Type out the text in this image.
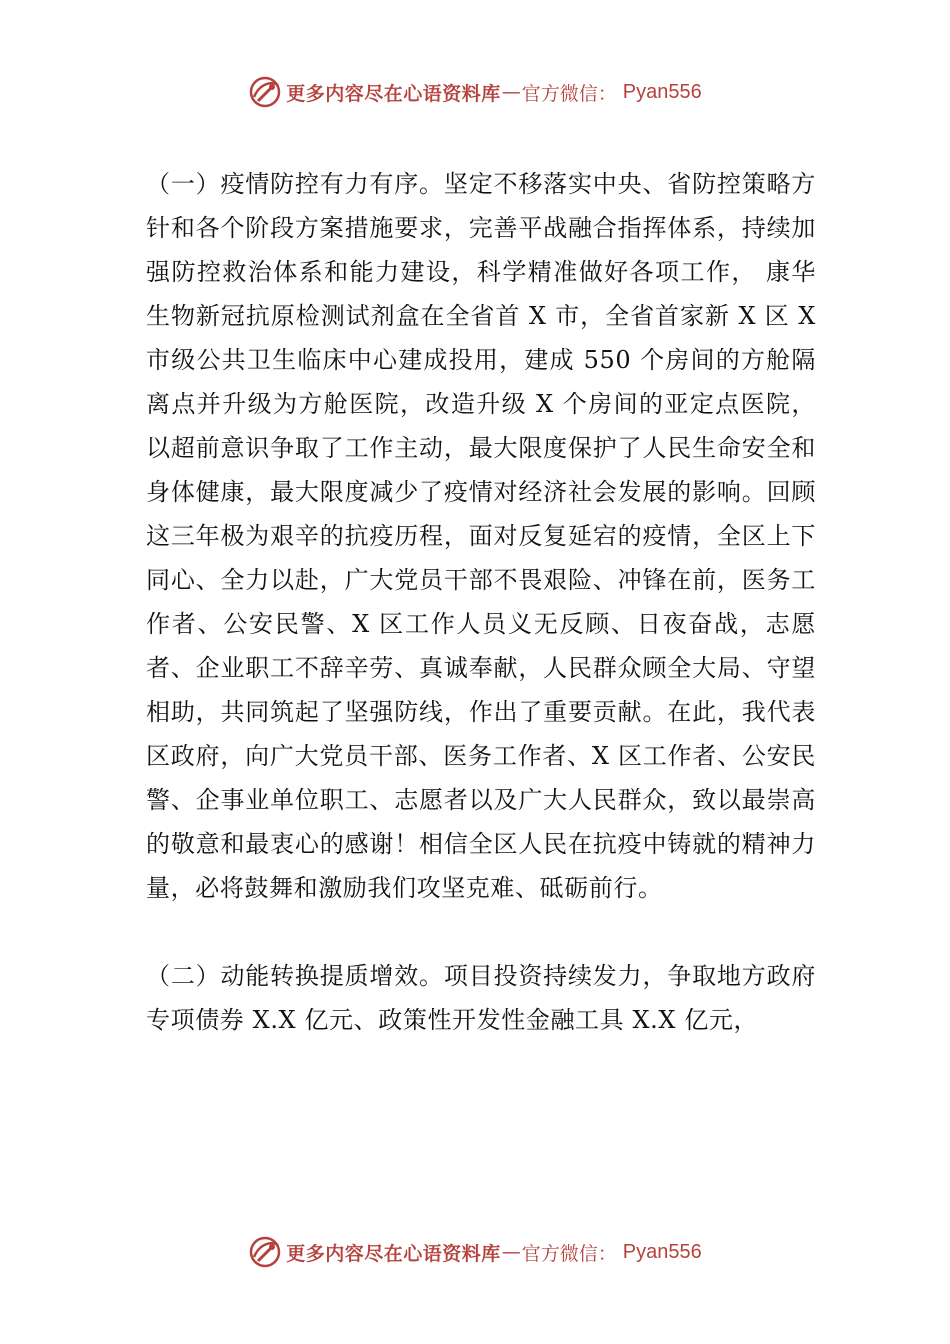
更多内容尽在心语资料库 — 官方微信： Pyan556

（一）疫情防控有力有序。坚定不移落实中央、省防控策略方针和各个阶段方案措施要求，完善平战融合指挥体系，持续加强防控救治体系和能力建设，科学精准做好各项工作， 康华生物新冠抗原检测试剂盒在全省首 X 市，全省首家新 X 区 X 市级公共卫生临床中心建成投用，建成 550 个房间的方舱隔离点并升级为方舱医院，改造升级 X 个房间的亚定点医院，以超前意识争取了工作主动，最大限度保护了人民生命安全和身体健康，最大限度减少了疫情对经济社会发展的影响。回顾这三年极为艰辛的抗疫历程，面对反复延宕的疫情，全区上下同心、全力以赴，广大党员干部不畏艰险、冲锋在前，医务工作者、公安民警、X 区工作人员义无反顾、日夜奋战，志愿者、企业职工不辞辛劳、真诚奉献，人民群众顾全大局、守望相助，共同筑起了坚强防线，作出了重要贡献。在此，我代表区政府，向广大党员干部、医务工作者、X 区工作者、公安民警、企事业单位职工、志愿者以及广大人民群众，致以最崇高的敬意和最衷心的感谢！相信全区人民在抗疫中铸就的精神力量，必将鼓舞和激励我们攻坚克难、砥砺前行。

（二）动能转换提质增效。项目投资持续发力，争取地方政府专项债券 X.X 亿元、政策性开发性金融工具 X.X 亿元，

更多内容尽在心语资料库 — 官方微信： Pyan556
